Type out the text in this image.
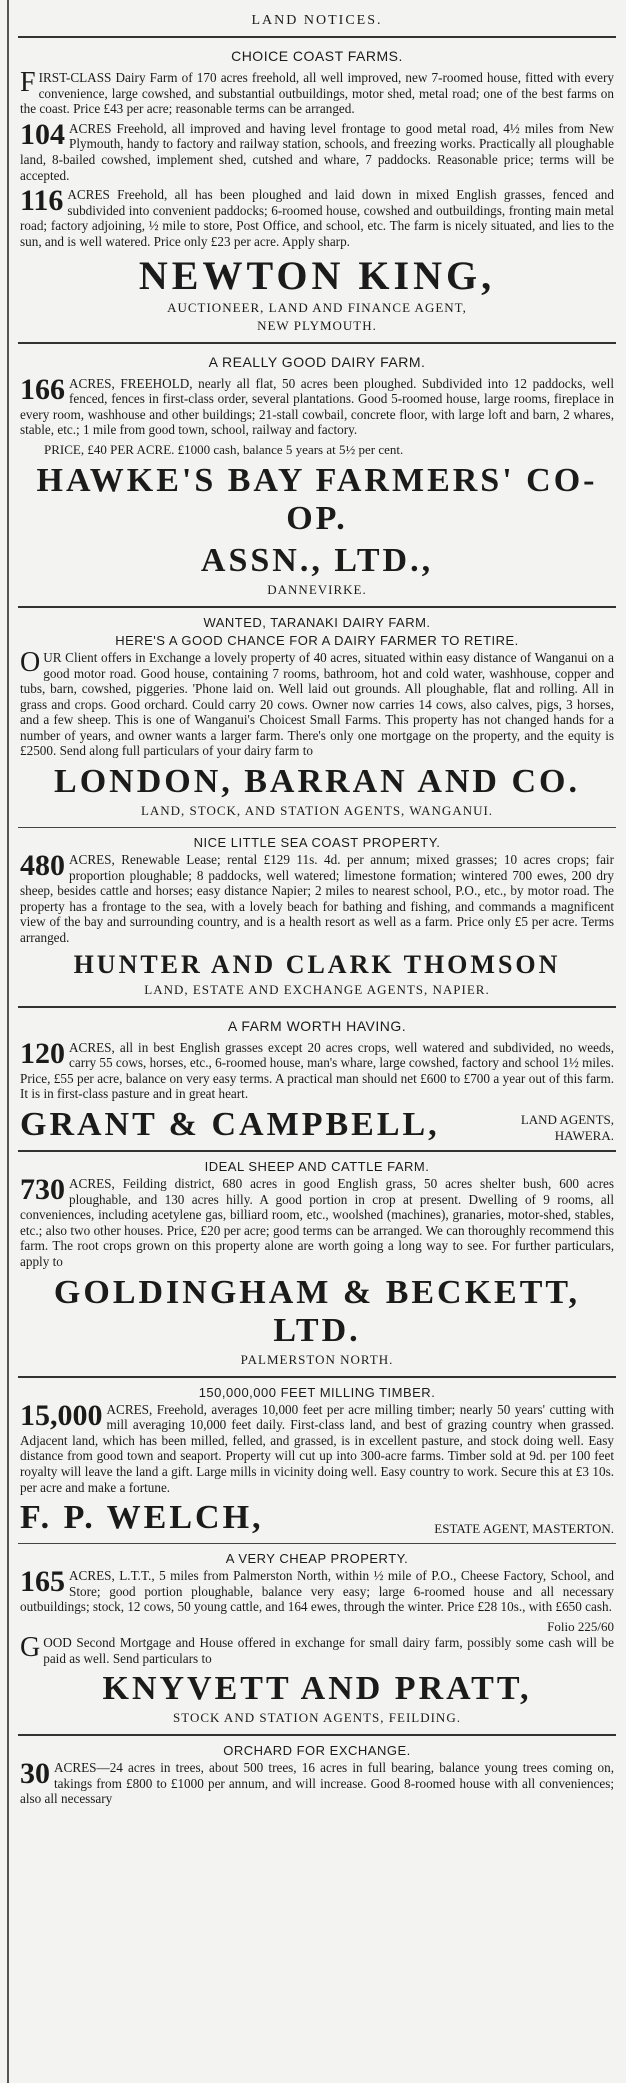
LAND NOTICES.
CHOICE COAST FARMS.

FIRST-CLASS Dairy Farm of 170 acres freehold, all well improved, new 7-roomed house, fitted with every convenience, large cowshed, and substantial outbuildings, motor shed, metal road; one of the best farms on the coast. Price £43 per acre; reasonable terms can be arranged.

104 ACRES Freehold, all improved and having level frontage to good metal road, 4½ miles from New Plymouth, handy to factory and railway station, schools, and freezing works. Practically all ploughable land, 8-bailed cowshed, implement shed, cutshed and whare, 7 paddocks. Reasonable price; terms will be accepted.

116 ACRES Freehold, all has been ploughed and laid down in mixed English grasses, fenced and subdivided into convenient paddocks; 6-roomed house, cowshed and outbuildings, fronting main metal road; factory adjoining, ½ mile to store, Post Office, and school, etc. The farm is nicely situated, and lies to the sun, and is well watered. Price only £23 per acre. Apply sharp.

NEWTON KING,
AUCTIONEER, LAND AND FINANCE AGENT,
NEW PLYMOUTH.
A REALLY GOOD DAIRY FARM.

166 ACRES, FREEHOLD, nearly all flat, 50 acres been ploughed. Subdivided into 12 paddocks, well fenced, fences in first-class order, several plantations. Good 5-roomed house, large rooms, fireplace in every room, washhouse and other buildings; 21-stall cowbail, concrete floor, with large loft and barn, 2 whares, stable, etc.; 1 mile from good town, school, railway and factory.

PRICE, £40 PER ACRE. £1000 cash, balance 5 years at 5½ per cent.
HAWKE'S BAY FARMERS' CO-OP.
ASSN., LTD.,
DANNEVIRKE.
WANTED, TARANAKI DAIRY FARM.
HERE'S A GOOD CHANCE FOR A DAIRY FARMER TO RETIRE.

OUR Client offers in Exchange a lovely property of 40 acres, situated within easy distance of Wanganui on a good motor road. Good house, containing 7 rooms, bathroom, hot and cold water, washhouse, copper and tubs, barn, cowshed, piggeries. 'Phone laid on. Well laid out grounds. All ploughable, flat and rolling. All in grass and crops. Good orchard. Could carry 20 cows. Owner now carries 14 cows, also calves, pigs, 3 horses, and a few sheep. This is one of Wanganui's Choicest Small Farms. This property has not changed hands for a number of years, and owner wants a larger farm. There's only one mortgage on the property, and the equity is £2500. Send along full particulars of your dairy farm to

LONDON, BARRAN AND CO.
LAND, STOCK, AND STATION AGENTS, WANGANUI.
NICE LITTLE SEA COAST PROPERTY.

480 ACRES, Renewable Lease; rental £129 11s. 4d. per annum; mixed grasses; 10 acres crops; fair proportion ploughable; 8 paddocks, well watered; limestone formation; wintered 700 ewes, 200 dry sheep, besides cattle and horses; easy distance Napier; 2 miles to nearest school, P.O., etc., by motor road. The property has a frontage to the sea, with a lovely beach for bathing and fishing, and commands a magnificent view of the bay and surrounding country, and is a health resort as well as a farm. Price only £5 per acre. Terms arranged.

HUNTER AND CLARK THOMSON
LAND, ESTATE AND EXCHANGE AGENTS, NAPIER.
A FARM WORTH HAVING.

120 ACRES, all in best English grasses except 20 acres crops, well watered and subdivided, no weeds, carry 55 cows, horses, etc., 6-roomed house, man's whare, large cowshed, factory and school 1½ miles. Price, £55 per acre, balance on very easy terms. A practical man should net £600 to £700 a year out of this farm. It is in first-class pasture and in great heart.

GRANT & CAMPBELL,	LAND AGENTS,
HAWERA.
IDEAL SHEEP AND CATTLE FARM.

730 ACRES, Feilding district, 680 acres in good English grass, 50 acres shelter bush, 600 acres ploughable, and 130 acres hilly. A good portion in crop at present. Dwelling of 9 rooms, all conveniences, including acetylene gas, billiard room, etc., woolshed (machines), granaries, motor-shed, stables, etc.; also two other houses. Price, £20 per acre; good terms can be arranged. We can thoroughly recommend this farm. The root crops grown on this property alone are worth going a long way to see. For further particulars, apply to

GOLDINGHAM & BECKETT, LTD.
PALMERSTON NORTH.
150,000,000 FEET MILLING TIMBER.

15,000 ACRES, Freehold, averages 10,000 feet per acre milling timber; nearly 50 years' cutting with mill averaging 10,000 feet daily. First-class land, and best of grazing country when grassed. Adjacent land, which has been milled, felled, and grassed, is in excellent pasture, and stock doing well. Easy distance from good town and seaport. Property will cut up into 300-acre farms. Timber sold at 9d. per 100 feet royalty will leave the land a gift. Large mills in vicinity doing well. Easy country to work. Secure this at £3 10s. per acre and make a fortune.

F. P. WELCH,	ESTATE AGENT, MASTERTON.
A VERY CHEAP PROPERTY.

165 ACRES, L.T.T., 5 miles from Palmerston North, within ½ mile of P.O., Cheese Factory, School, and Store; good portion ploughable, balance very easy; large 6-roomed house and all necessary outbuildings; stock, 12 cows, 50 young cattle, and 164 ewes, through the winter. Price £28 10s., with £650 cash.

Folio 225/60

GOOD Second Mortgage and House offered in exchange for small dairy farm, possibly some cash will be paid as well. Send particulars to

KNYVETT AND PRATT,
STOCK AND STATION AGENTS, FEILDING.
ORCHARD FOR EXCHANGE.

30 ACRES—24 acres in trees, about 500 trees, 16 acres in full bearing, balance young trees coming on, takings from £800 to £1000 per annum, and will increase. Good 8-roomed house with all conveniences; also all necessary
